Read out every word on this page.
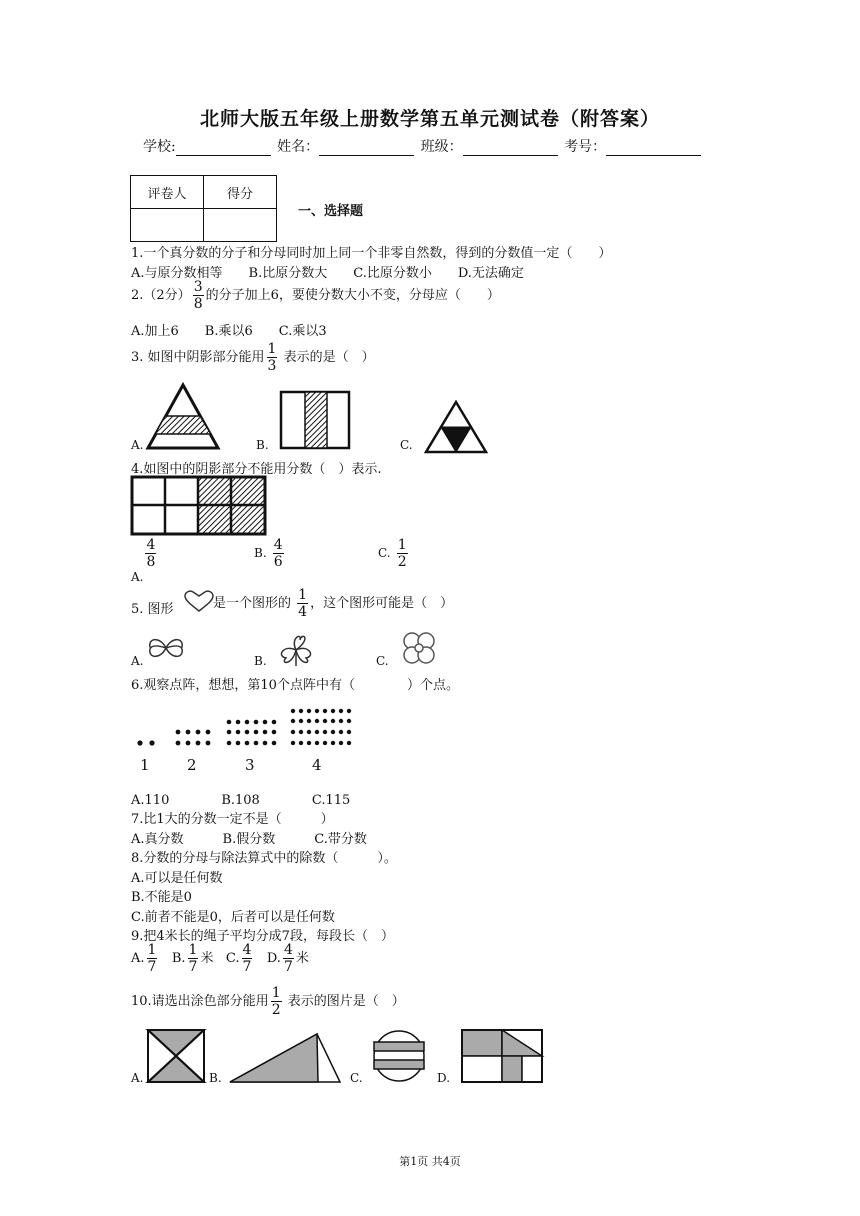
北师大版五年级上册数学第五单元测试卷（附答案）
学校:	姓名：	班级：	考号：
评卷人	得分

一、选择题
1.一个真分数的分子和分母同时加上同一个非零自然数，得到的分数值一定（　　）
A.与原分数相等　　B.比原分数大　　C.比原分数小　　D.无法确定
2.（2分） $\frac{3}{8}$ 的分子加上6，要使分数大小不变，分母应（　　）
A.加上6　　B.乘以6　　C.乘以3
3. 如图中阴影部分能用 $\frac{1}{3}$ 表示的是（　）
A.	B.	C.
4.如图中的阴影部分不能用分数（　）表示.
A.
$\frac{4}{8}$	B. $\frac{4}{6}$	C. $\frac{1}{2}$
5. 图形	是一个图形的 $\frac{1}{4}$ ，这个图形可能是（　）
A.	B.	C.
6.观察点阵，想想，第10个点阵中有（　　　　）个点。
1 2	3	4
A.110　　　　B.108　　　　C.115
7.比1大的分数一定不是（　　　）
A.真分数　　　B.假分数　　　C.带分数
8.分数的分母与除法算式中的除数（　　　）。
A.可以是任何数
B.不能是0
C.前者不能是0，后者可以是任何数
9.把4米长的绳子平均分成7段，每段长（　）
A. $\frac{1}{7} B$. $\frac{1}{7}$ 米 C. $\frac{4}{7} D$. $\frac{4}{7}$ 米
10.请选出涂色部分能用 $\frac{1}{2}$ 表示的图片是（　）
A.	B.	C.	D.
第1页 共4页
